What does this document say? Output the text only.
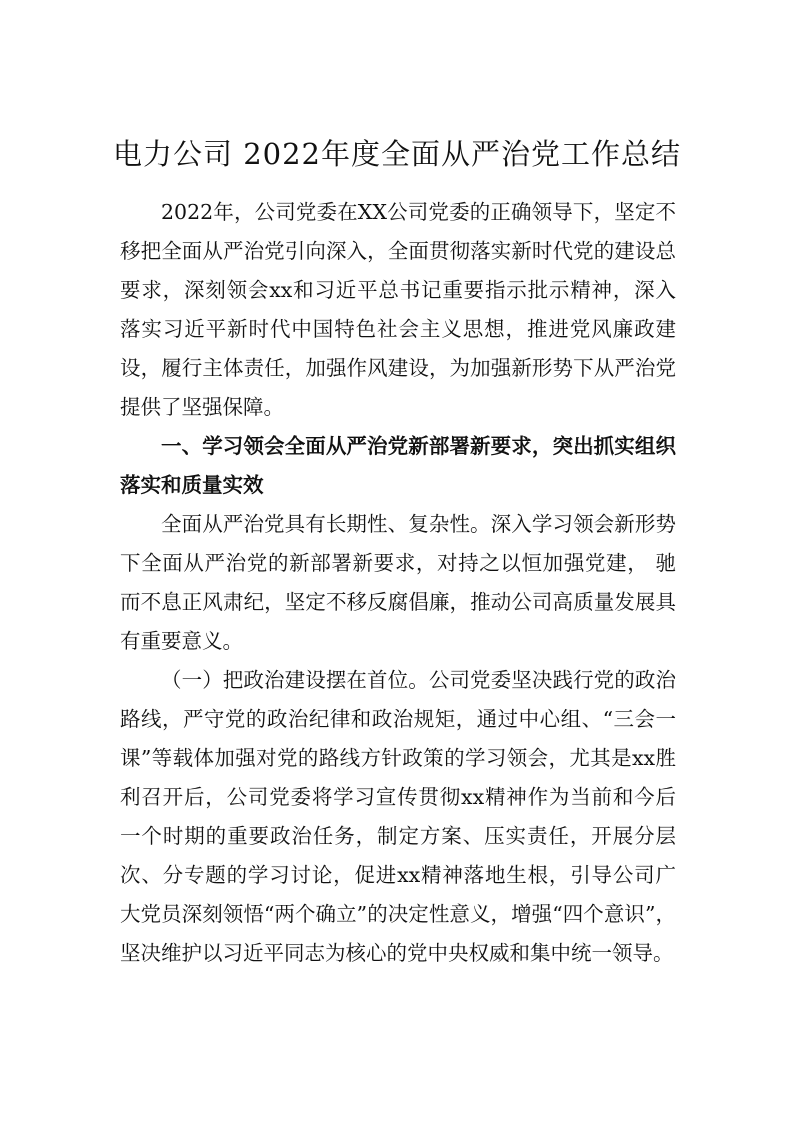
电力公司 2022年度全面从严治党工作总结

2022年，公司党委在XX公司党委的正确领导下，坚定不移把全面从严治党引向深入，全面贯彻落实新时代党的建设总要求，深刻领会xx和习近平总书记重要指示批示精神，深入落实习近平新时代中国特色社会主义思想，推进党风廉政建设，履行主体责任，加强作风建设，为加强新形势下从严治党提供了坚强保障。

一、学习领会全面从严治党新部署新要求，突出抓实组织落实和质量实效

全面从严治党具有长期性、复杂性。深入学习领会新形势下全面从严治党的新部署新要求，对持之以恒加强党建， 驰而不息正风肃纪，坚定不移反腐倡廉，推动公司高质量发展具有重要意义。

（一）把政治建设摆在首位。公司党委坚决践行党的政治路线，严守党的政治纪律和政治规矩，通过中心组、“三会一课”等载体加强对党的路线方针政策的学习领会，尤其是xx胜利召开后，公司党委将学习宣传贯彻xx精神作为当前和今后一个时期的重要政治任务，制定方案、压实责任，开展分层次、分专题的学习讨论，促进xx精神落地生根，引导公司广大党员深刻领悟“两个确立”的决定性意义，增强“四个意识”，坚决维护以习近平同志为核心的党中央权威和集中统一领导。
